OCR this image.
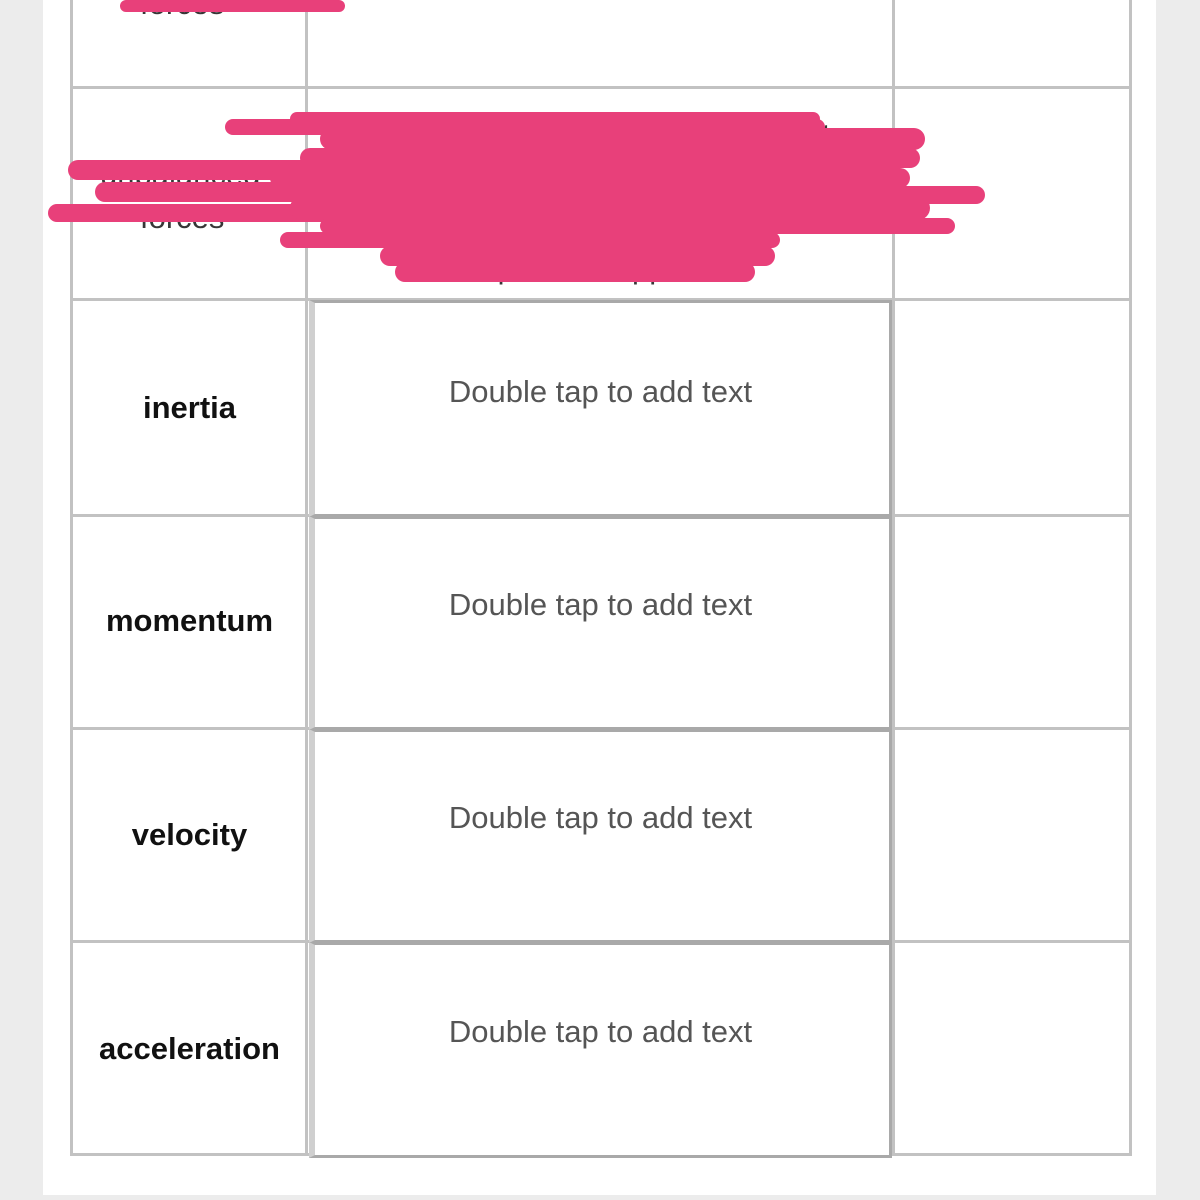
inertia	Double tap to add text
momentum	Double tap to add text
velocity	Double tap to add text
acceleration	Double tap to add text
